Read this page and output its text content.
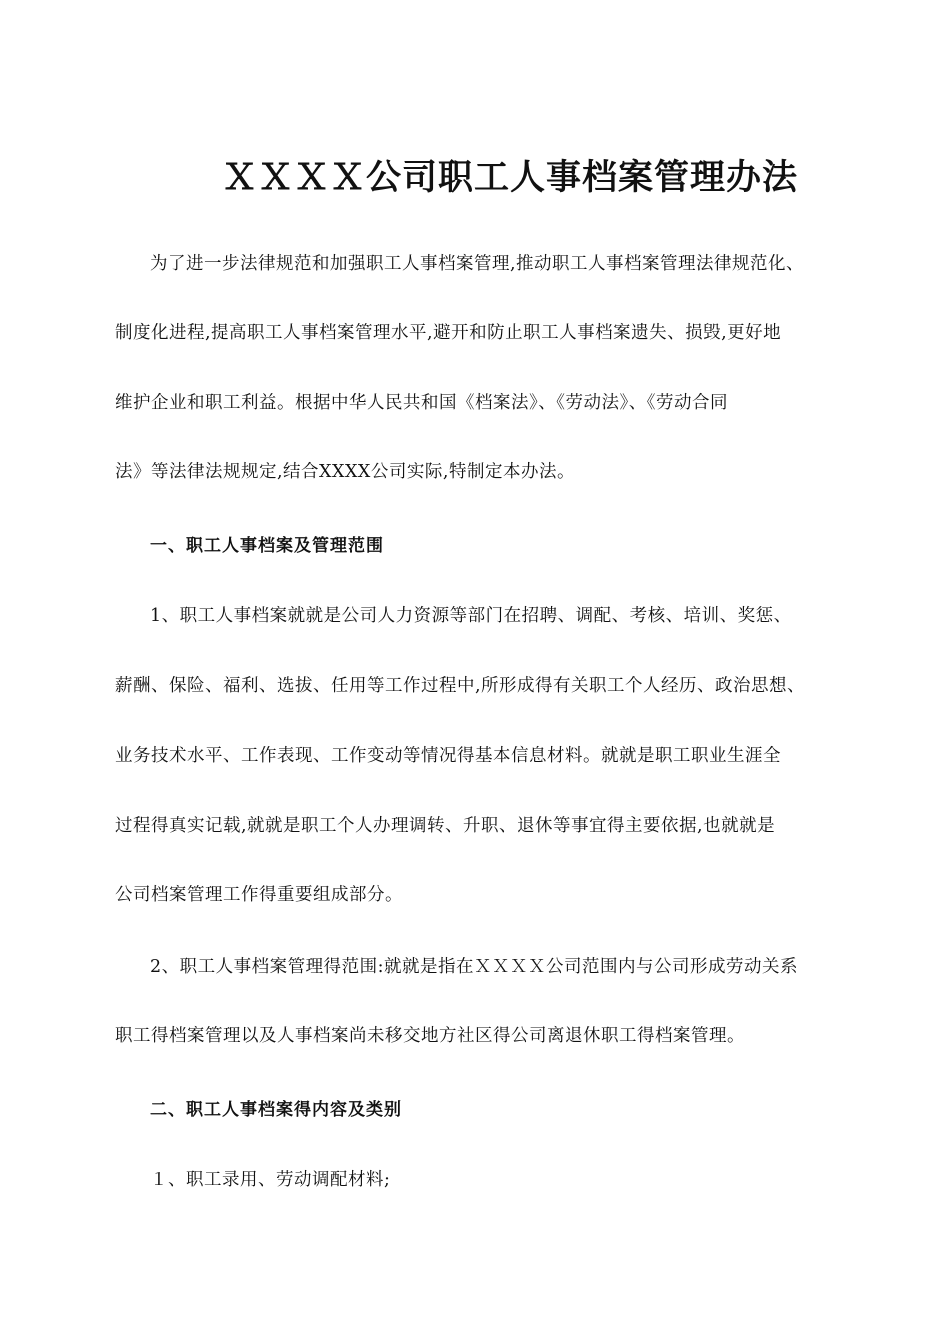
ＸＸＸＸ公司职工人事档案管理办法
为了进一步法律规范和加强职工人事档案管理,推动职工人事档案管理法律规范化、
制度化进程,提高职工人事档案管理水平,避开和防止职工人事档案遗失、损毁,更好地
维护企业和职工利益。根据中华人民共和国《档案法》、《劳动法》、《劳动合同
法》等法律法规规定,结合XXXX公司实际,特制定本办法。
一、职工人事档案及管理范围
1、职工人事档案就就是公司人力资源等部门在招聘、调配、考核、培训、奖惩、
薪酬、保险、福利、选拔、任用等工作过程中,所形成得有关职工个人经历、政治思想、
业务技术水平、工作表现、工作变动等情况得基本信息材料。就就是职工职业生涯全
过程得真实记载,就就是职工个人办理调转、升职、退休等事宜得主要依据,也就就是
公司档案管理工作得重要组成部分。
2、职工人事档案管理得范围:就就是指在ＸＸＸＸ公司范围内与公司形成劳动关系
职工得档案管理以及人事档案尚未移交地方社区得公司离退休职工得档案管理。
二、职工人事档案得内容及类别
１、职工录用、劳动调配材料;
